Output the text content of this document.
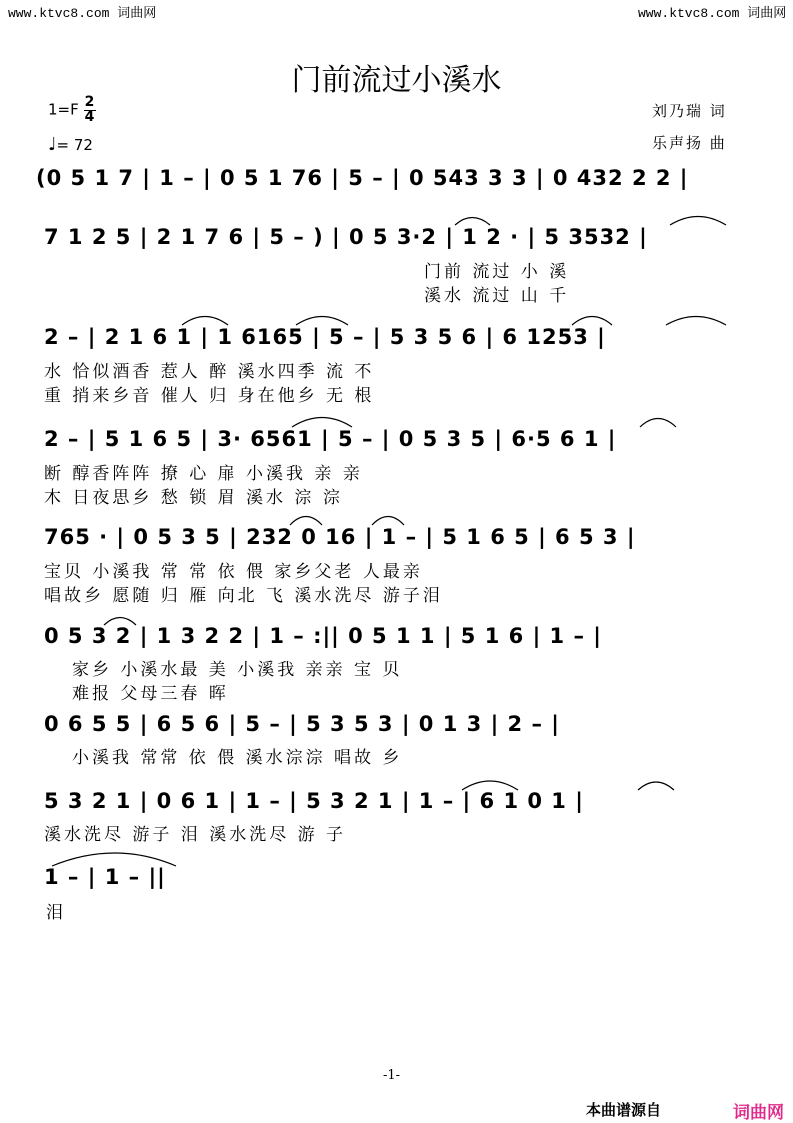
www.ktvc8.com 词曲网	www.ktvc8.com 词曲网
门前流过小溪水
$1=F \frac{2}{4}$
♩= 72
刘乃瑞 词
乐声扬 曲
(0 5 1 7 | 1 – | 0 5 1 76 | 5 – | 0 543 3 3 | 0 432 2 2 |
7 1 2 5 | 2 1 7 6 | 5 – ) | 0 5 3·2 | 1 2 · | 5 3532 |
门前 流过 小 溪
溪水 流过 山 千
2 – | 2 1 6 1 | 1 6165 | 5 – | 5 3 5 6 | 6 1253 |
水 恰似酒香 惹人 醉 溪水四季 流 不
重 捎来乡音 催人 归 身在他乡 无 根
2 – | 5 1 6 5 | 3· 6561 | 5 – | 0 5 3 5 | 6·5 6 1 |
断 醇香阵阵 撩 心 扉 小溪我 亲 亲
木 日夜思乡 愁 锁 眉 溪水 淙 淙
765 · | 0 5 3 5 | 232 0 16 | 1 – | 5 1 6 5 | 6 5 3 |
宝贝 小溪我 常 常 依 偎 家乡父老 人最亲
唱故乡 愿随 归 雁 向北 飞 溪水洗尽 游子泪
0 5 3 2 | 1 3 2 2 | 1 – :|| 0 5 1 1 | 5 1 6 | 1 – |
家乡 小溪水最 美 小溪我 亲亲 宝 贝
难报 父母三春 晖
0 6 5 5 | 6 5 6 | 5 – | 5 3 5 3 | 0 1 3 | 2 – |
小溪我 常常 依 偎 溪水淙淙 唱故 乡
5 3 2 1 | 0 6 1 | 1 – | 5 3 2 1 | 1 – | 6 1 0 1 |
溪水洗尽 游子 泪 溪水洗尽 游 子
1 – | 1 – ||
泪
-1-
本曲谱源自	词曲网
